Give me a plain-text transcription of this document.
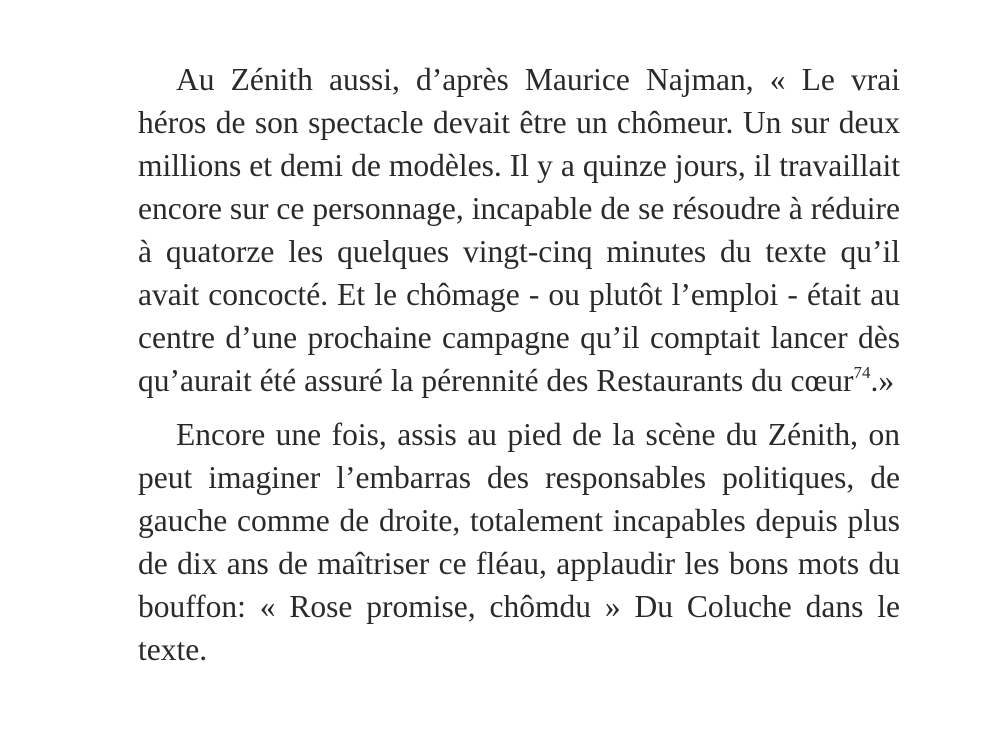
Au Zénith aussi, d’après Maurice Najman, « Le vrai héros de son spectacle devait être un chômeur. Un sur deux millions et demi de modèles. Il y a quinze jours, il travaillait encore sur ce personnage, incapable de se résoudre à réduire à quatorze les quelques vingt-cinq minutes du texte qu’il avait concocté. Et le chômage - ou plutôt l’emploi - était au centre d’une prochaine campagne qu’il comptait lancer dès qu’aurait été assuré la pérennité des Restaurants du cœur$^{74}$.»

Encore une fois, assis au pied de la scène du Zénith, on peut imaginer l’embarras des responsables politiques, de gauche comme de droite, totalement incapables depuis plus de dix ans de maîtriser ce fléau, applaudir les bons mots du bouffon: « Rose promise, chômdu » Du Coluche dans le texte.
